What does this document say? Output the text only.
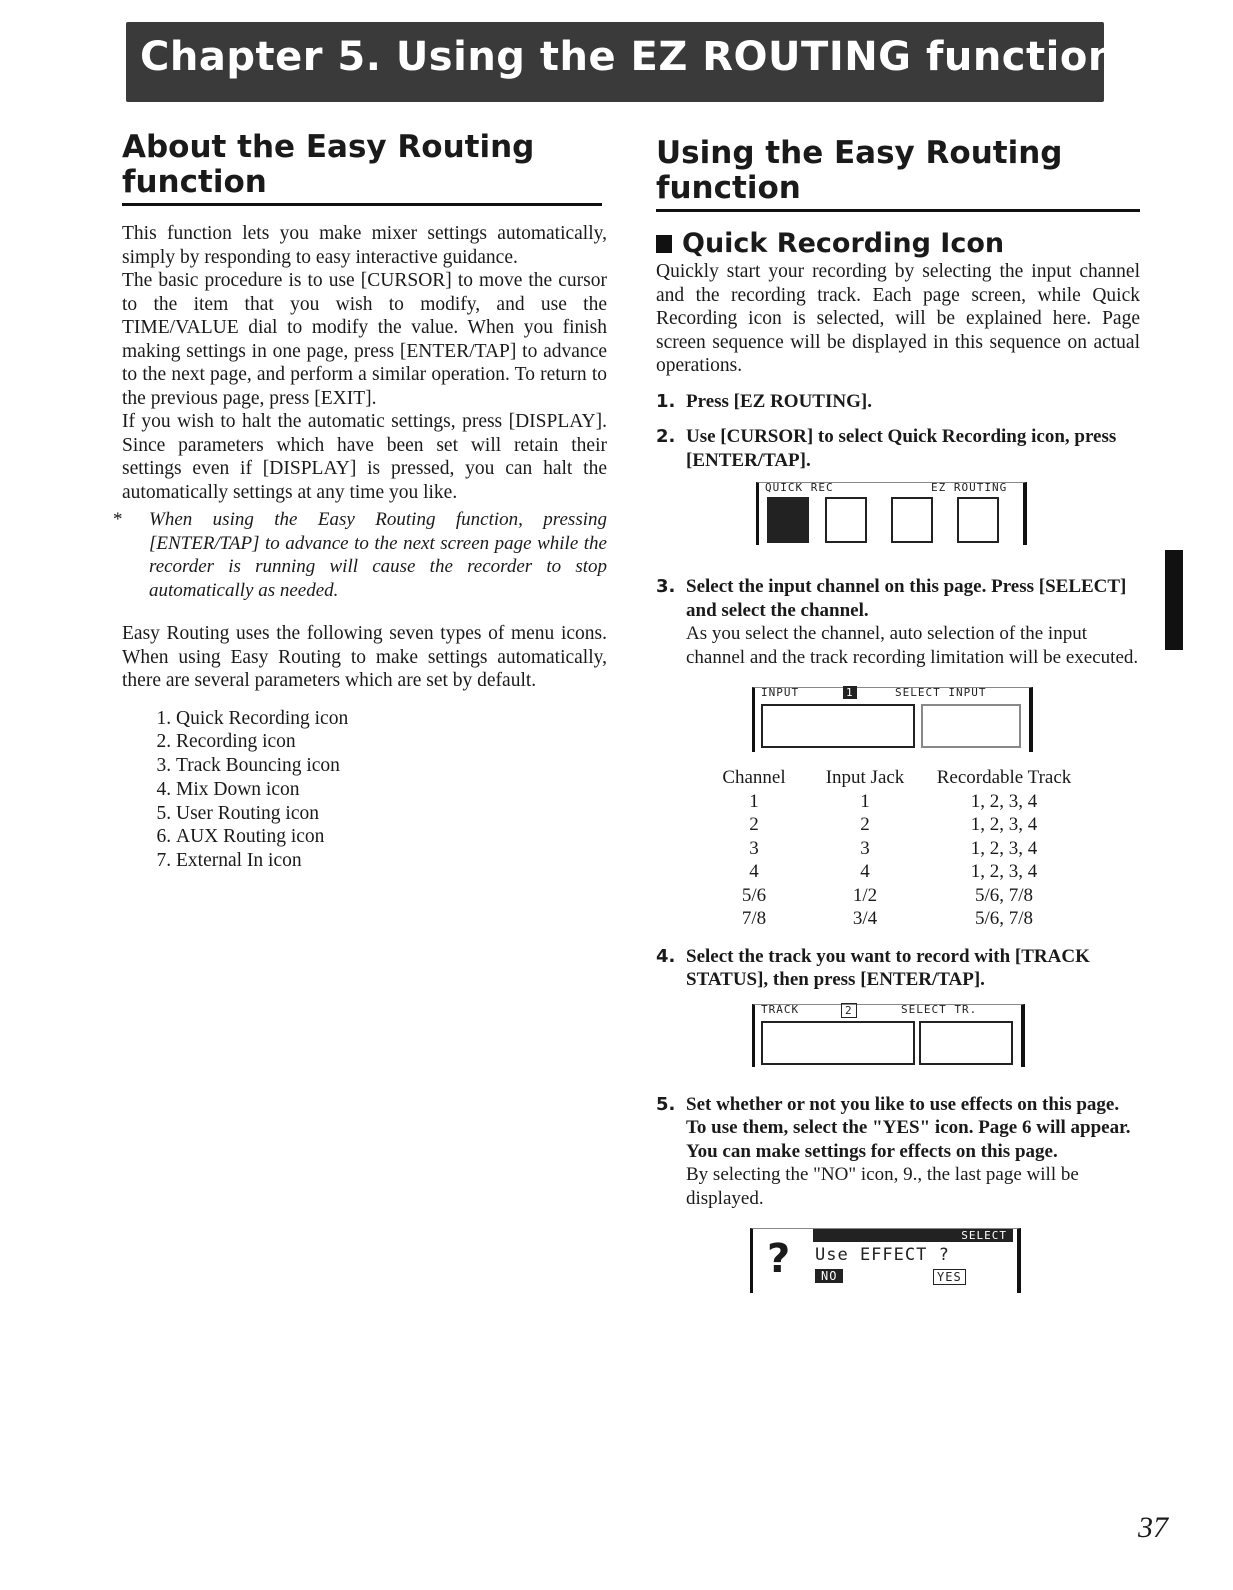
Chapter 5. Using the EZ ROUTING function
About the Easy Routing function

This function lets you make mixer settings automatically, simply by responding to easy interactive guidance.

The basic procedure is to use [CURSOR] to move the cursor to the item that you wish to modify, and use the TIME/VALUE dial to modify the value. When you finish making settings in one page, press [ENTER/TAP] to advance to the next page, and perform a similar operation. To return to the previous page, press [EXIT].

If you wish to halt the automatic settings, press [DISPLAY]. Since parameters which have been set will retain their settings even if [DISPLAY] is pressed, you can halt the automatically settings at any time you like.

* When using the Easy Routing function, pressing [ENTER/TAP] to advance to the next screen page while the recorder is running will cause the recorder to stop automatically as needed.

Easy Routing uses the following seven types of menu icons. When using Easy Routing to make settings automatically, there are several parameters which are set by default.

1. Quick Recording icon
2. Recording icon
3. Track Bouncing icon
4. Mix Down icon
5. User Routing icon
6. AUX Routing icon
7. External In icon
Using the Easy Routing function
Quick Recording Icon

Quickly start your recording by selecting the input channel and the recording track. Each page screen, while Quick Recording icon is selected, will be explained here. Page screen sequence will be displayed in this sequence on actual operations.

1. Press [EZ ROUTING].
2. Use [CURSOR] to select Quick Recording icon, press [ENTER/TAP].
QUICK REC	EZ ROUTING
3. Select the input channel on this page. Press [SELECT] and select the channel.
As you select the channel, auto selection of the input channel and the track recording limitation will be executed.
INPUT	1	SELECT INPUT
Channel	Input Jack	Recordable Track
1	1	1, 2, 3, 4
2	2	1, 2, 3, 4
3	3	1, 2, 3, 4
4	4	1, 2, 3, 4
5/6	1/2	5/6, 7/8
7/8	3/4	5/6, 7/8
4. Select the track you want to record with [TRACK STATUS], then press [ENTER/TAP].
TRACK	2	SELECT TR.
5. Set whether or not you like to use effects on this page. To use them, select the "YES" icon. Page 6 will appear. You can make settings for effects on this page.
By selecting the "NO" icon, 9., the last page will be displayed.
SELECT
? Use EFFECT ?
NO	YES
37
